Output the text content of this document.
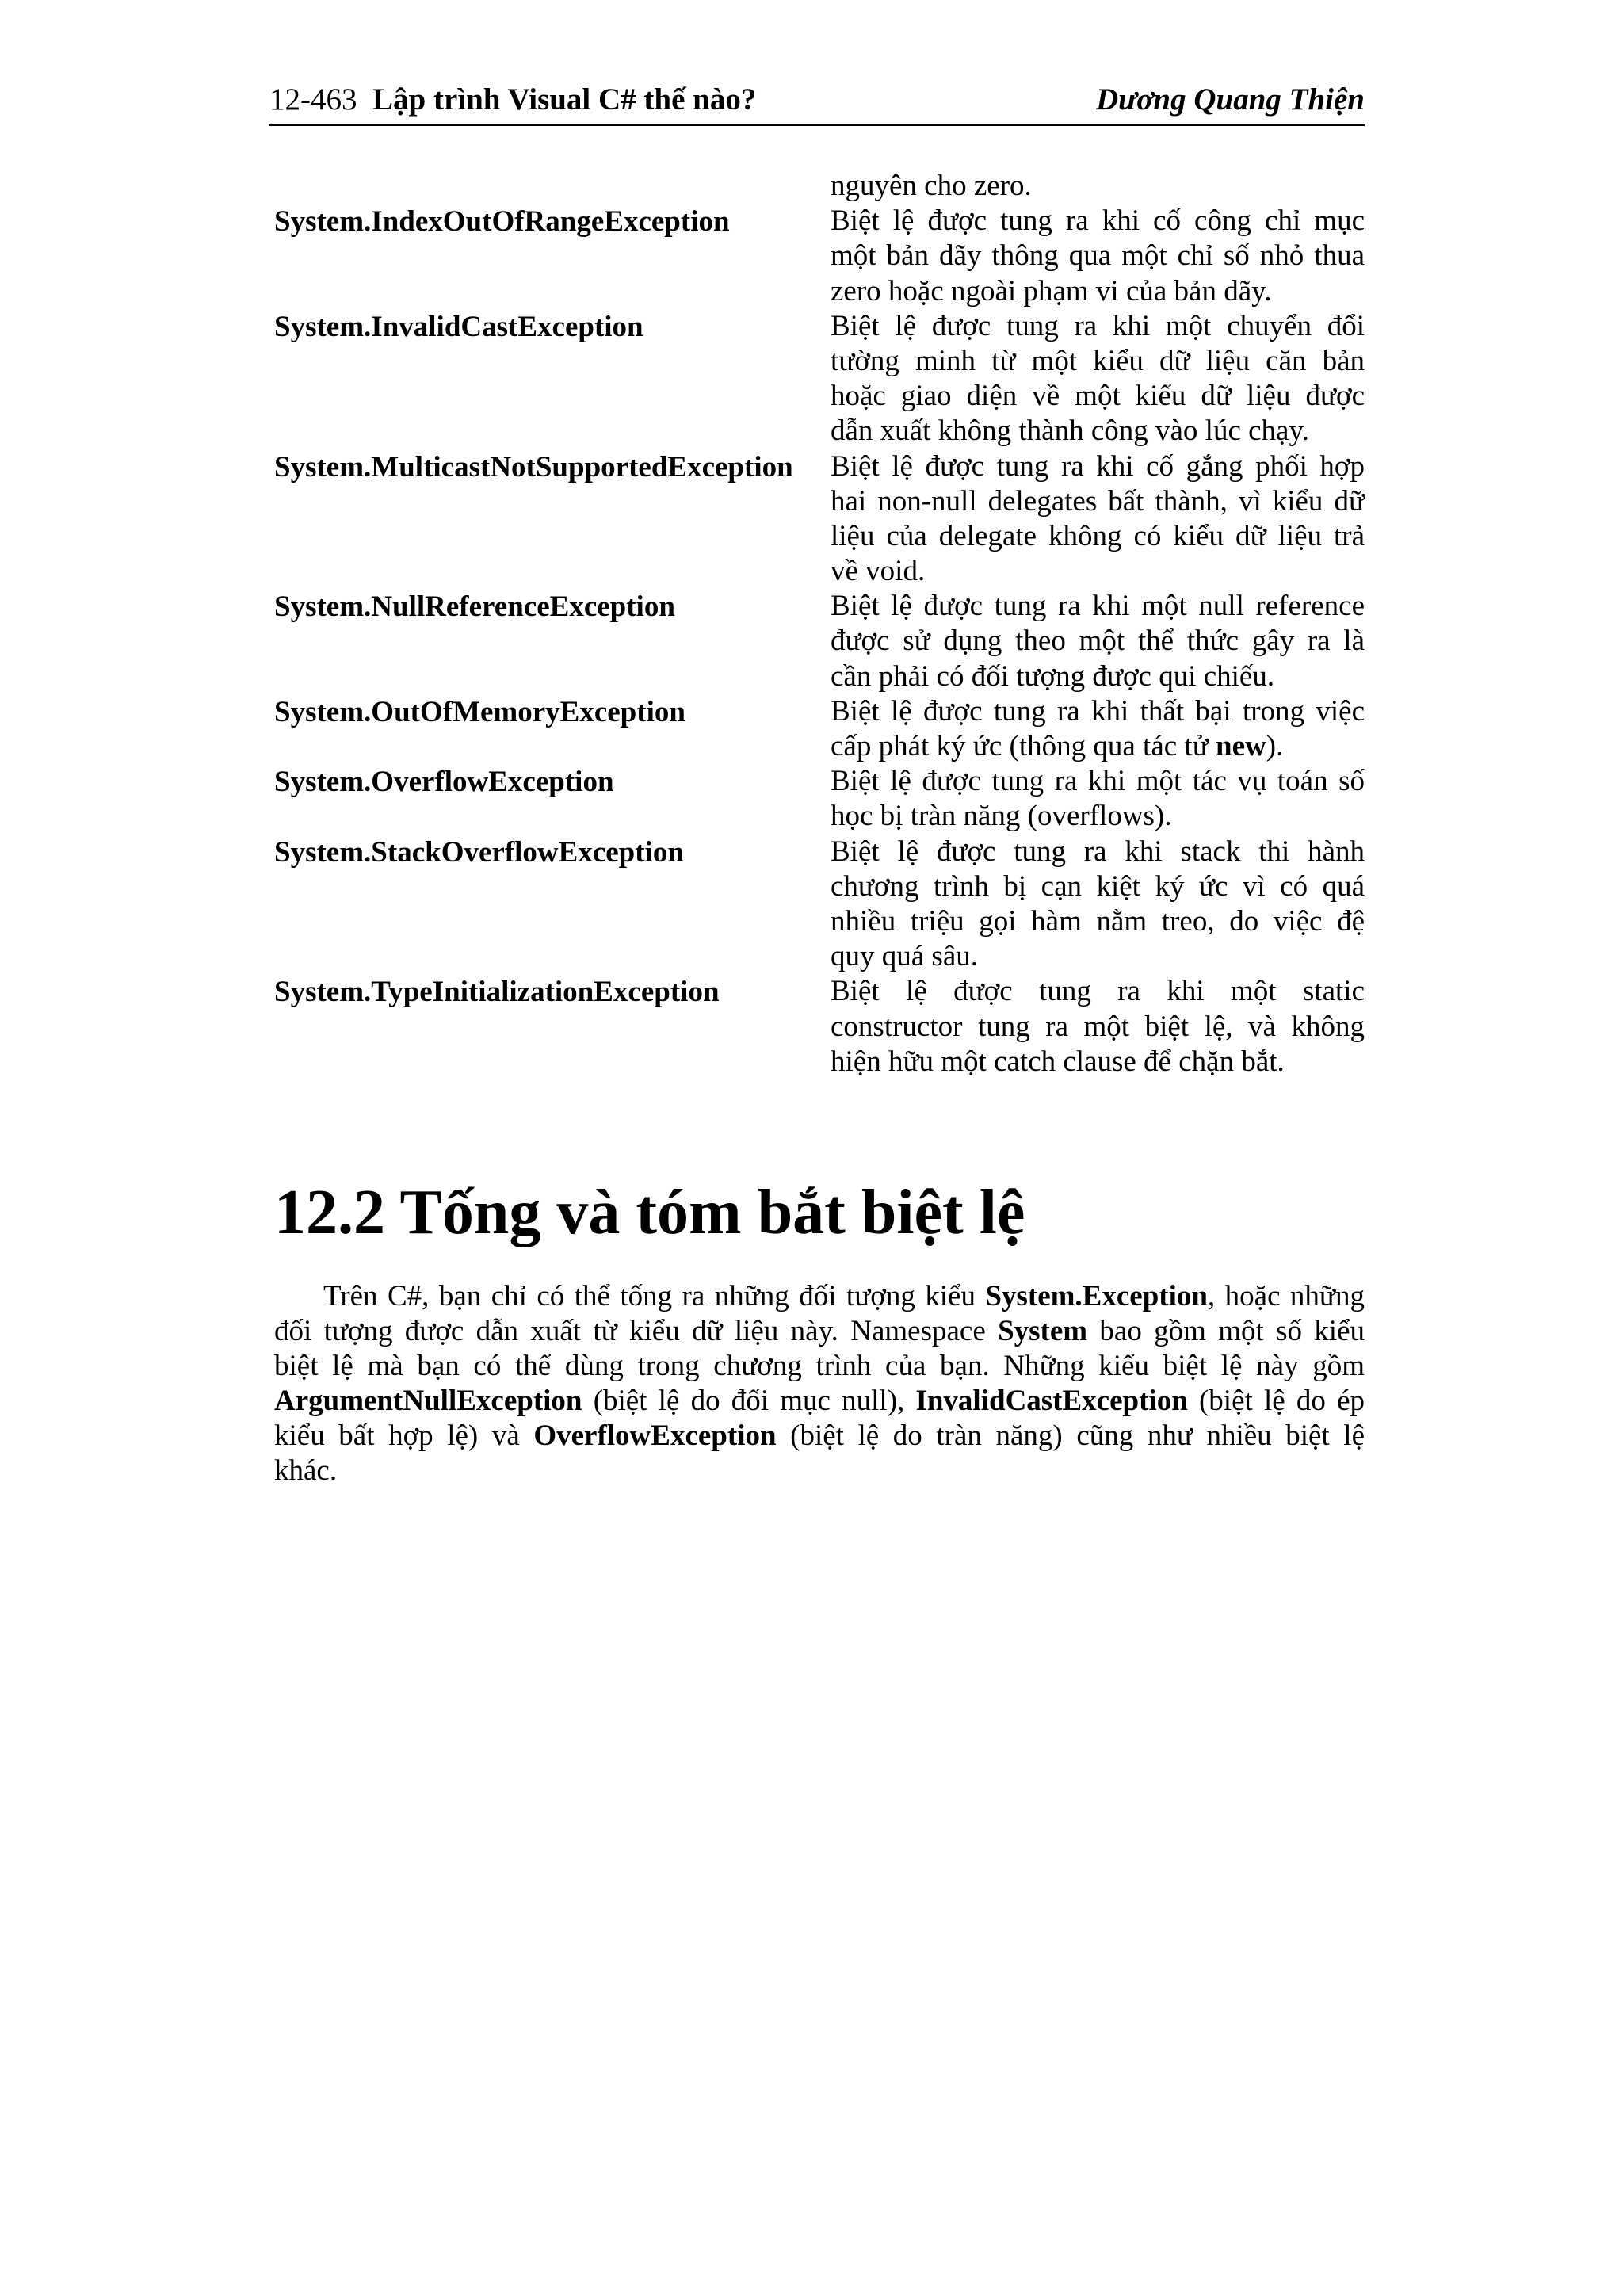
12-463 Lập trình Visual C# thế nào?	Dương Quang Thiện
nguyên cho zero.
System.IndexOutOfRangeException	Biệt lệ được tung ra khi cố công chỉ mục
một bản dãy thông qua một chỉ số nhỏ thua
zero hoặc ngoài phạm vi của bản dãy.
System.InvalidCastException	Biệt lệ được tung ra khi một chuyển đổi
tường minh từ một kiểu dữ liệu căn bản
hoặc giao diện về một kiểu dữ liệu được
dẫn xuất không thành công vào lúc chạy.
System.MulticastNotSupportedException	Biệt lệ được tung ra khi cố gắng phối hợp
hai non-null delegates bất thành, vì kiểu dữ
liệu của delegate không có kiểu dữ liệu trả
về void.
System.NullReferenceException	Biệt lệ được tung ra khi một null reference
được sử dụng theo một thể thức gây ra là
cần phải có đối tượng được qui chiếu.
System.OutOfMemoryException	Biệt lệ được tung ra khi thất bại trong việc
cấp phát ký ức (thông qua tác tử new).
System.OverflowException	Biệt lệ được tung ra khi một tác vụ toán số
học bị tràn năng (overflows).
System.StackOverflowException	Biệt lệ được tung ra khi stack thi hành
chương trình bị cạn kiệt ký ức vì có quá
nhiều triệu gọi hàm nằm treo, do việc đệ
quy quá sâu.
System.TypeInitializationException	Biệt lệ được tung ra khi một static
constructor tung ra một biệt lệ, và không
hiện hữu một catch clause để chặn bắt.
12.2 Tống và tóm bắt biệt lệ
Trên C#, bạn chỉ có thể tống ra những đối tượng kiểu System.Exception, hoặc những
đối tượng được dẫn xuất từ kiểu dữ liệu này. Namespace System bao gồm một số kiểu
biệt lệ mà bạn có thể dùng trong chương trình của bạn. Những kiểu biệt lệ này gồm
ArgumentNullException (biệt lệ do đối mục null), InvalidCastException (biệt lệ do ép
kiểu bất hợp lệ) và OverflowException (biệt lệ do tràn năng) cũng như nhiều biệt lệ
khác.
